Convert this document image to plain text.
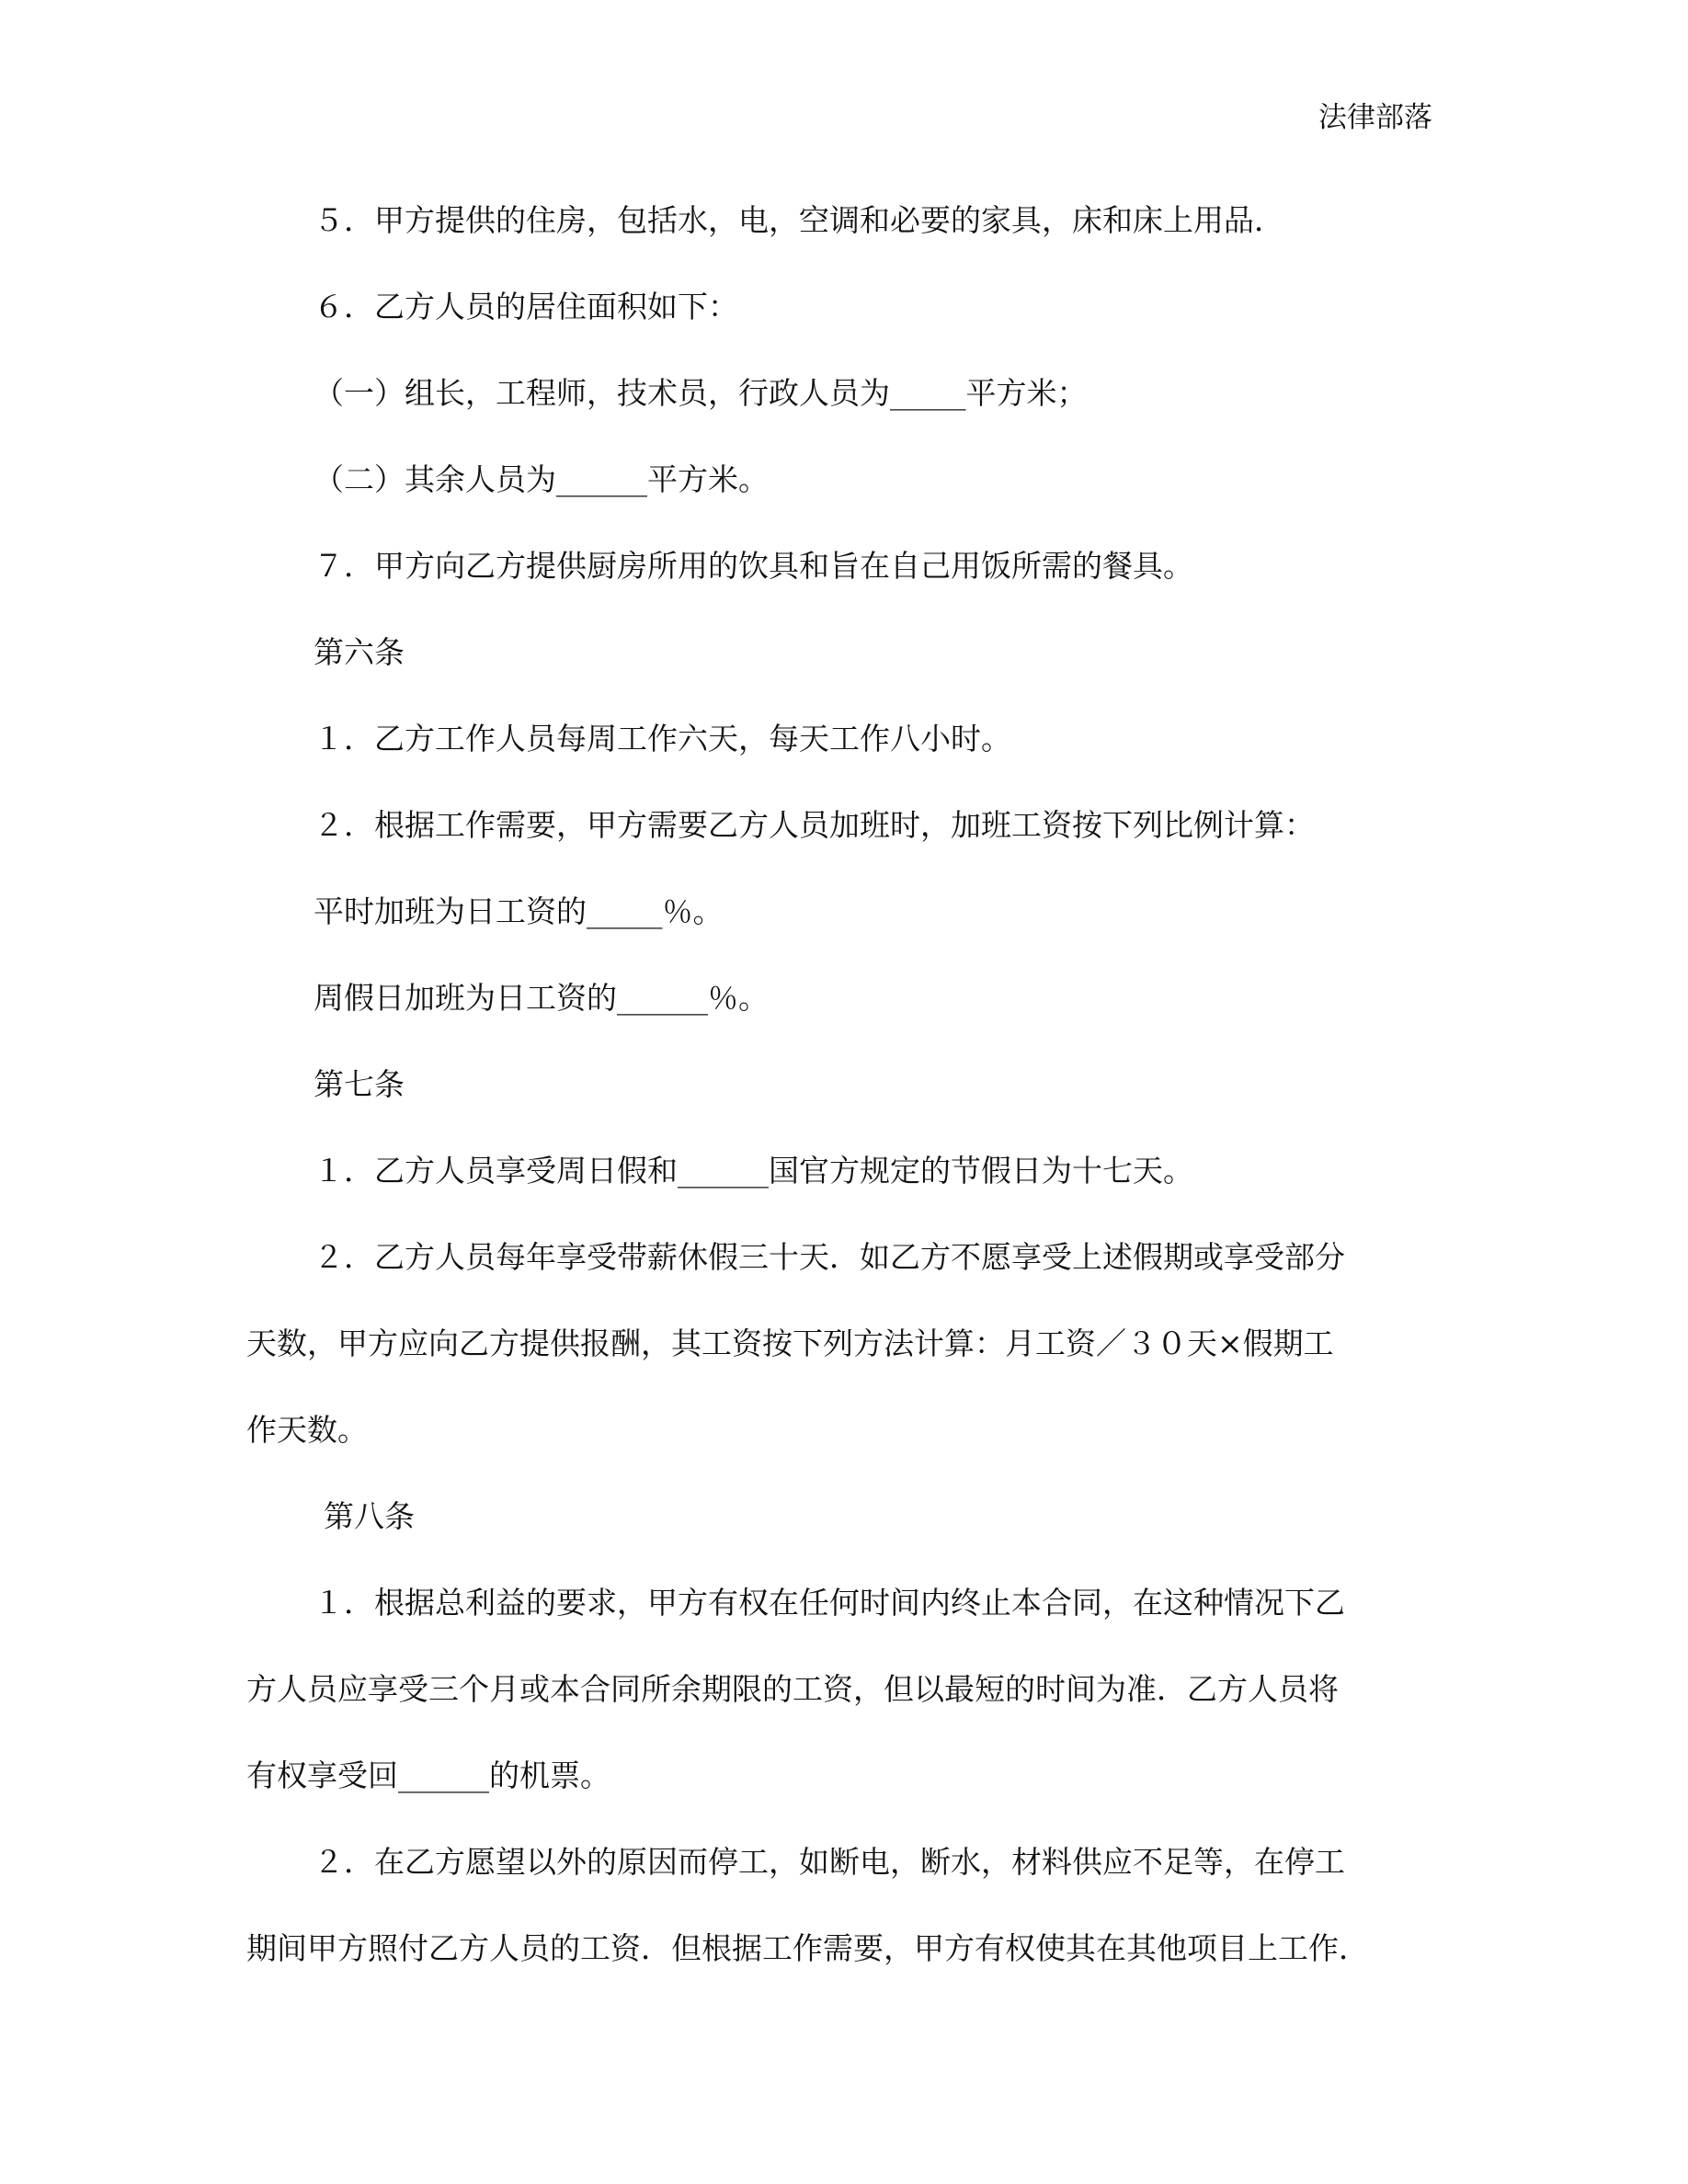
法律部落
５．甲方提供的住房，包括水，电，空调和必要的家具，床和床上用品．
６．乙方人员的居住面积如下：
（一）组长，工程师，技术员，行政人员为_____平方米；
（二）其余人员为______平方米。
７．甲方向乙方提供厨房所用的饮具和旨在自己用饭所需的餐具。
第六条
１．乙方工作人员每周工作六天，每天工作八小时。
２．根据工作需要，甲方需要乙方人员加班时，加班工资按下列比例计算：
平时加班为日工资的_____％。
周假日加班为日工资的______％。
第七条
１．乙方人员享受周日假和______国官方规定的节假日为十七天。
２．乙方人员每年享受带薪休假三十天．如乙方不愿享受上述假期或享受部分
天数，甲方应向乙方提供报酬，其工资按下列方法计算：月工资／３０天×假期工
作天数。
第八条
１．根据总利益的要求，甲方有权在任何时间内终止本合同，在这种情况下乙
方人员应享受三个月或本合同所余期限的工资，但以最短的时间为准．乙方人员将
有权享受回______的机票。
２．在乙方愿望以外的原因而停工，如断电，断水，材料供应不足等，在停工
期间甲方照付乙方人员的工资．但根据工作需要，甲方有权使其在其他项目上工作．
